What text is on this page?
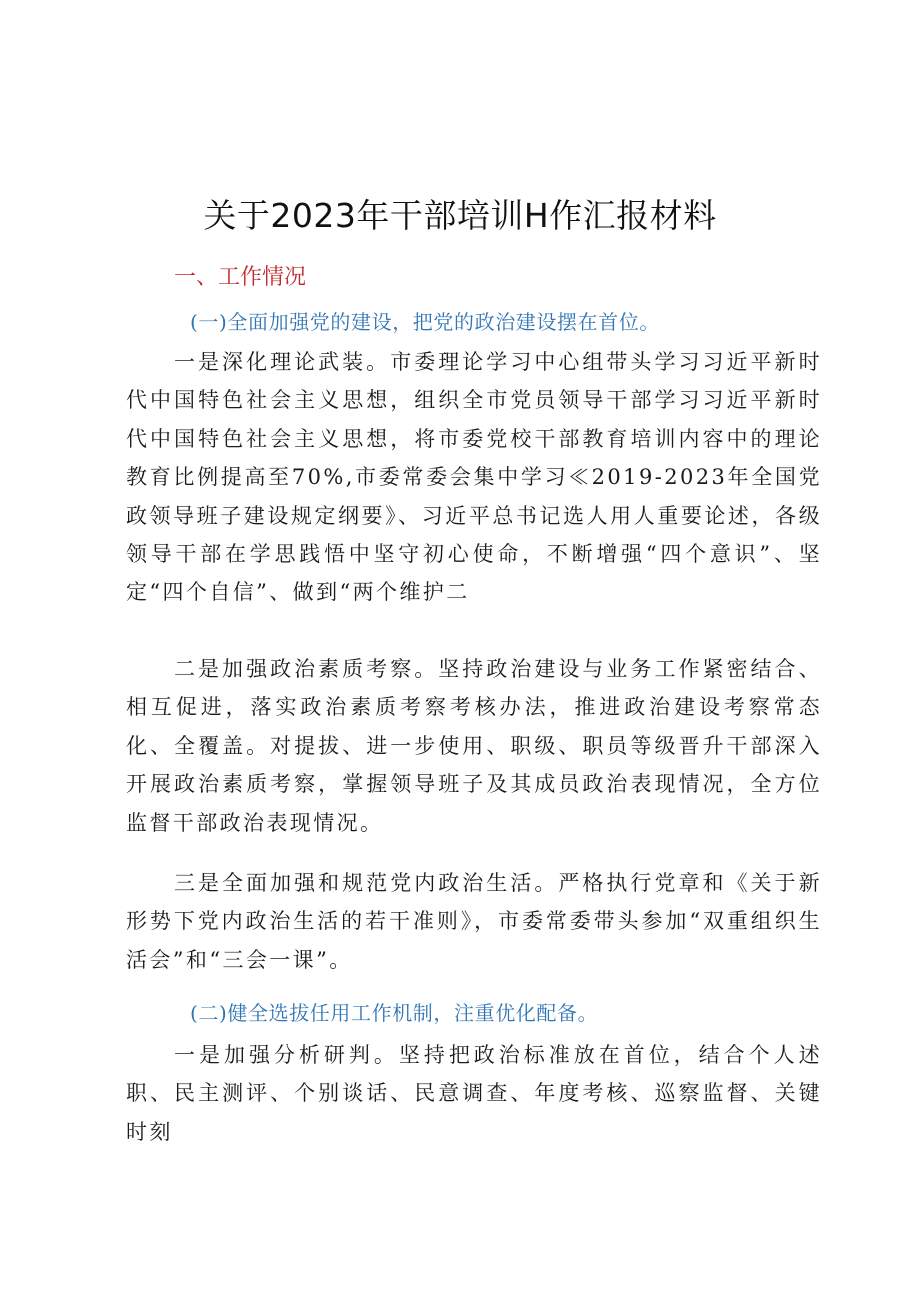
关于2023年干部培训H作汇报材料
一、工作情况
(一)全面加强党的建设，把党的政治建设摆在首位。

一是深化理论武装。市委理论学习中心组带头学习习近平新时代中国特色社会主义思想，组织全市党员领导干部学习习近平新时代中国特色社会主义思想，将市委党校干部教育培训内容中的理论教育比例提高至70%,市委常委会集中学习≪2019-2023年全国党政领导班子建设规定纲要》、习近平总书记选人用人重要论述，各级领导干部在学思践悟中坚守初心使命，不断增强“四个意识”、坚定“四个自信”、做到“两个维护二

二是加强政治素质考察。坚持政治建设与业务工作紧密结合、相互促进，落实政治素质考察考核办法，推进政治建设考察常态化、全覆盖。对提拔、进一步使用、职级、职员等级晋升干部深入开展政治素质考察，掌握领导班子及其成员政治表现情况，全方位监督干部政治表现情况。

三是全面加强和规范党内政治生活。严格执行党章和《关于新形势下党内政治生活的若干准则》，市委常委带头参加“双重组织生活会”和“三会一课”。

(二)健全选拔任用工作机制，注重优化配备。

一是加强分析研判。坚持把政治标准放在首位，结合个人述职、民主测评、个别谈话、民意调查、年度考核、巡察监督、关键时刻
